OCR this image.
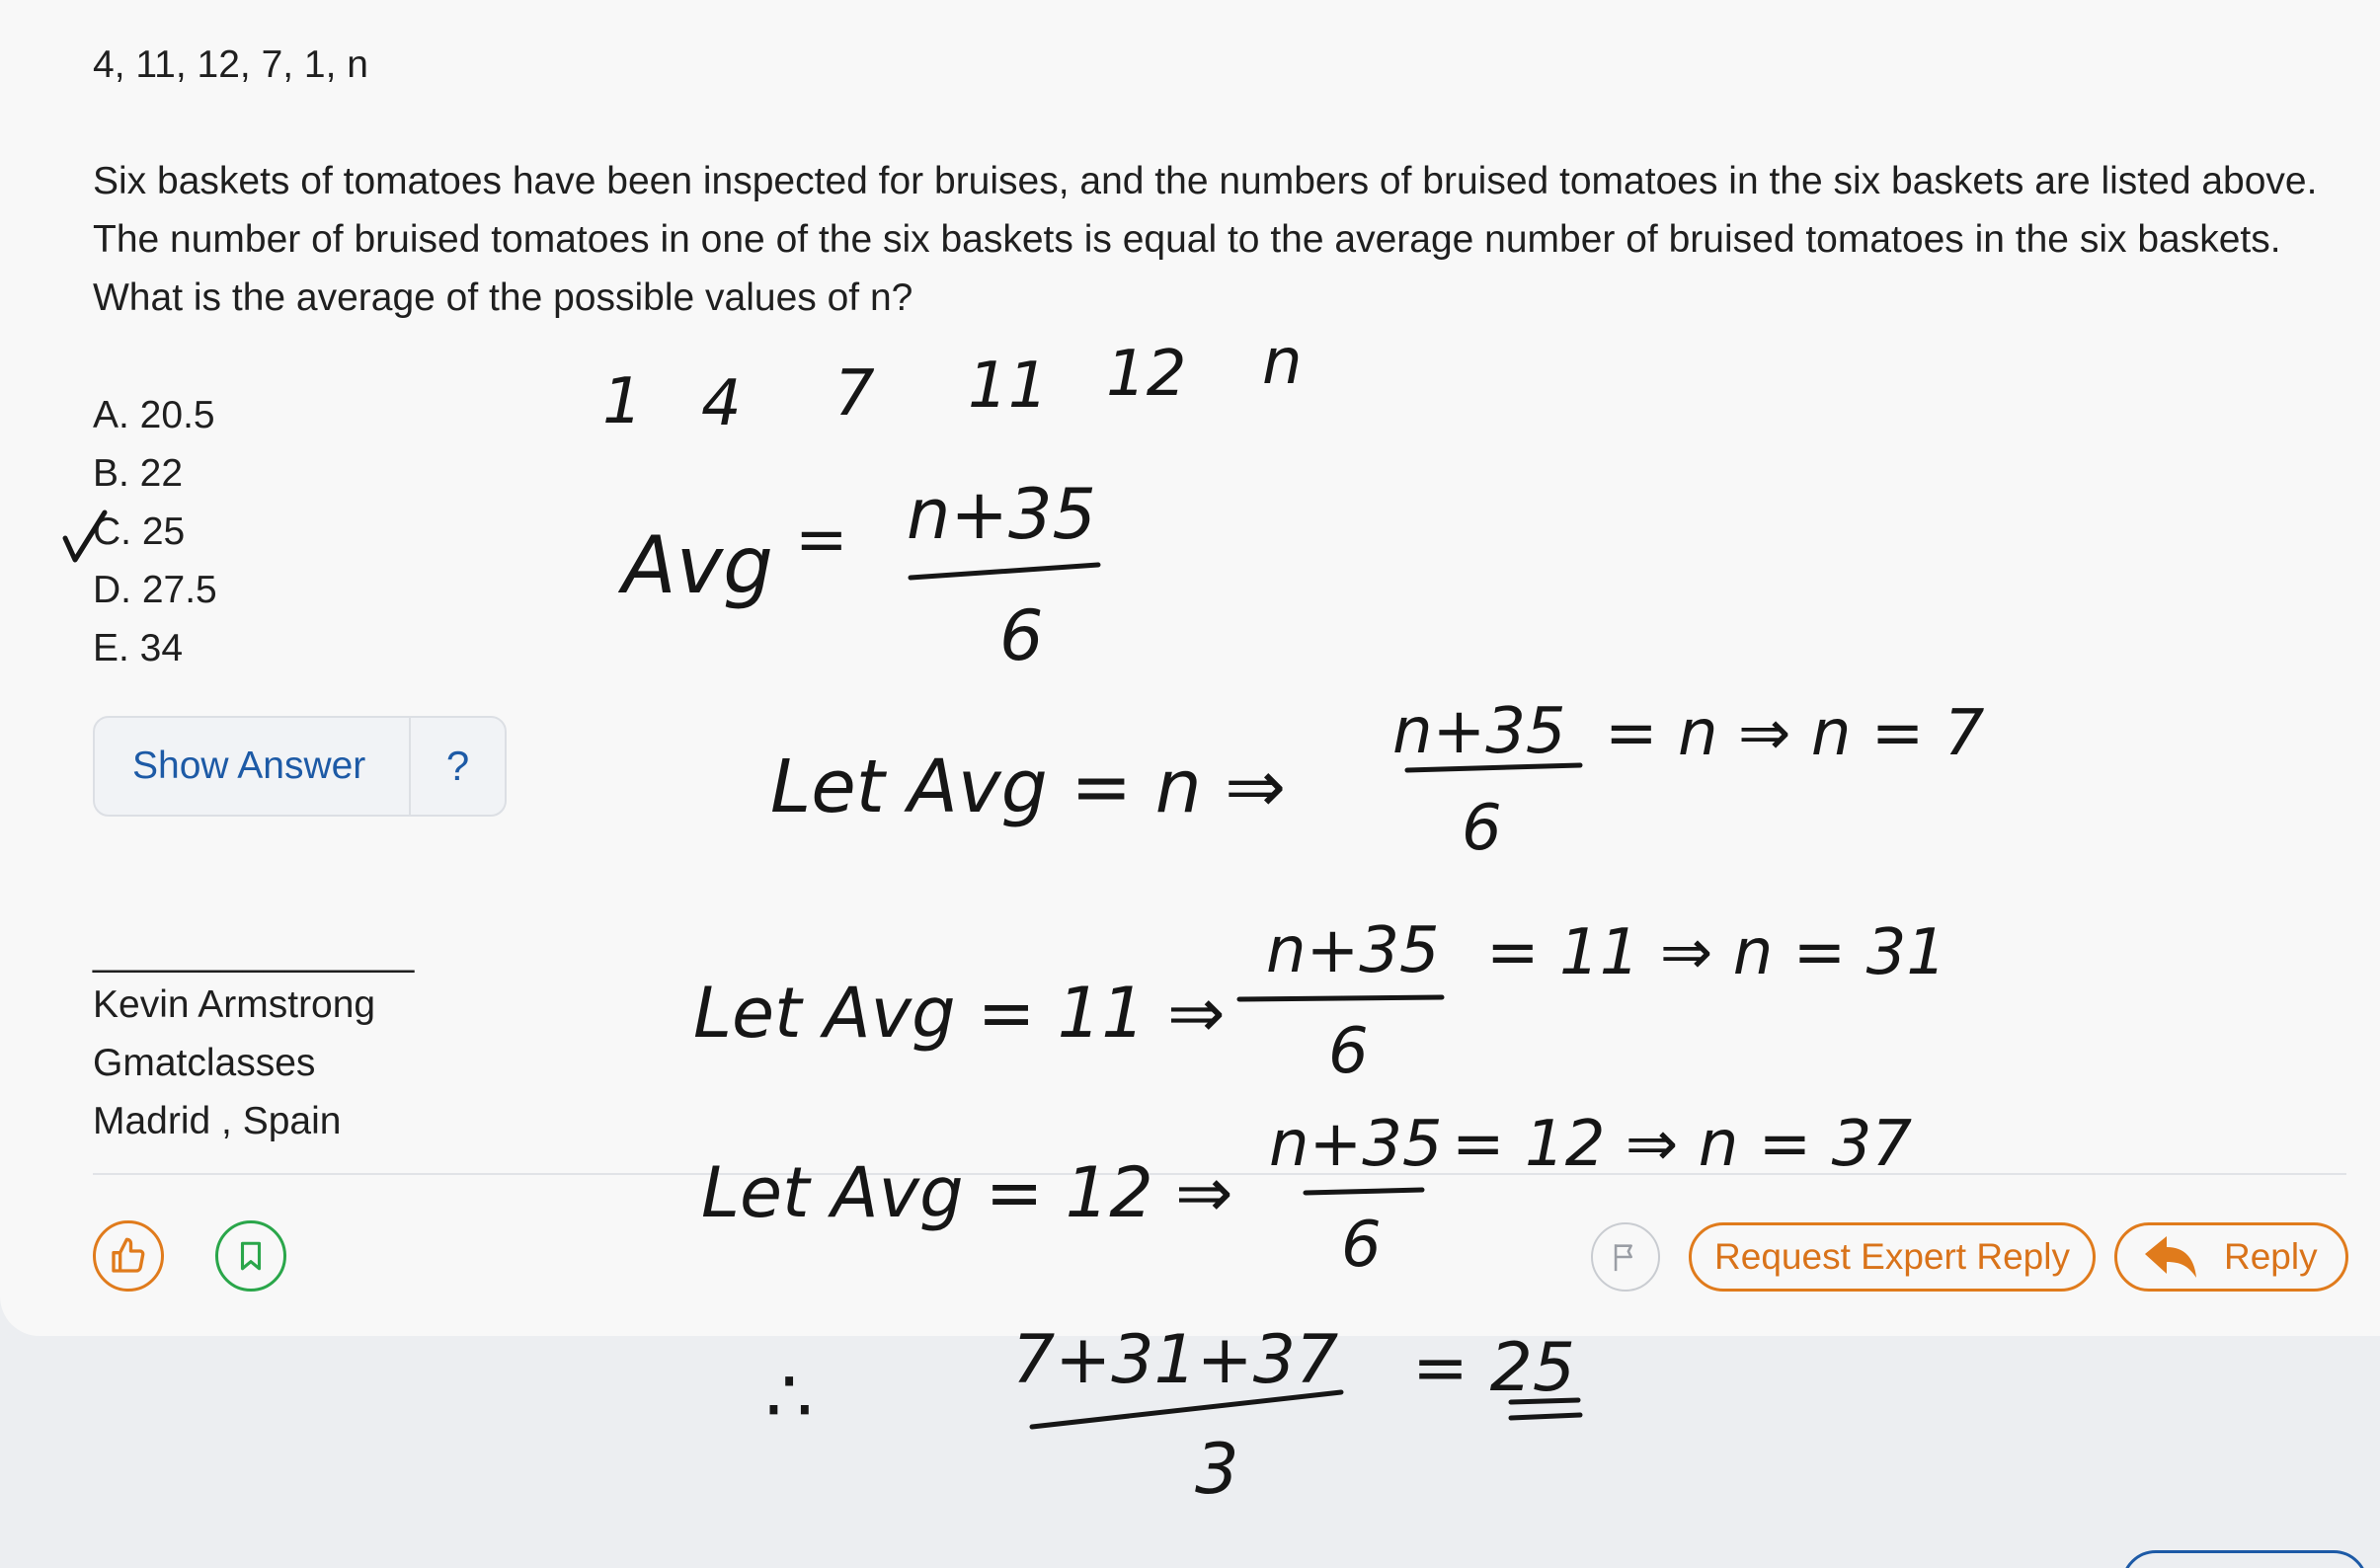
4, 11, 12, 7, 1, n
Six baskets of tomatoes have been inspected for bruises, and the numbers of bruised tomatoes in the six baskets are listed above.
The number of bruised tomatoes in one of the six baskets is equal to the average number of bruised tomatoes in the six baskets.
What is the average of the possible values of n?
A. 20.5
B. 22
C. 25
D. 27.5
E. 34
Show Answer	?
_______________
Kevin Armstrong
Gmatclasses
Madrid , Spain
Request Expert Reply	Reply
1 4 7 11 12 n
Avg = n+35
6
Let Avg = n ⇒
n+35
6
= n ⇒ n = 7
Let Avg = 11 ⇒
n+35
6
= 11 ⇒ n = 31
Let Avg = 12 ⇒
n+35
6
= 12 ⇒ n = 37
∴	7+31+37
3
= 25
